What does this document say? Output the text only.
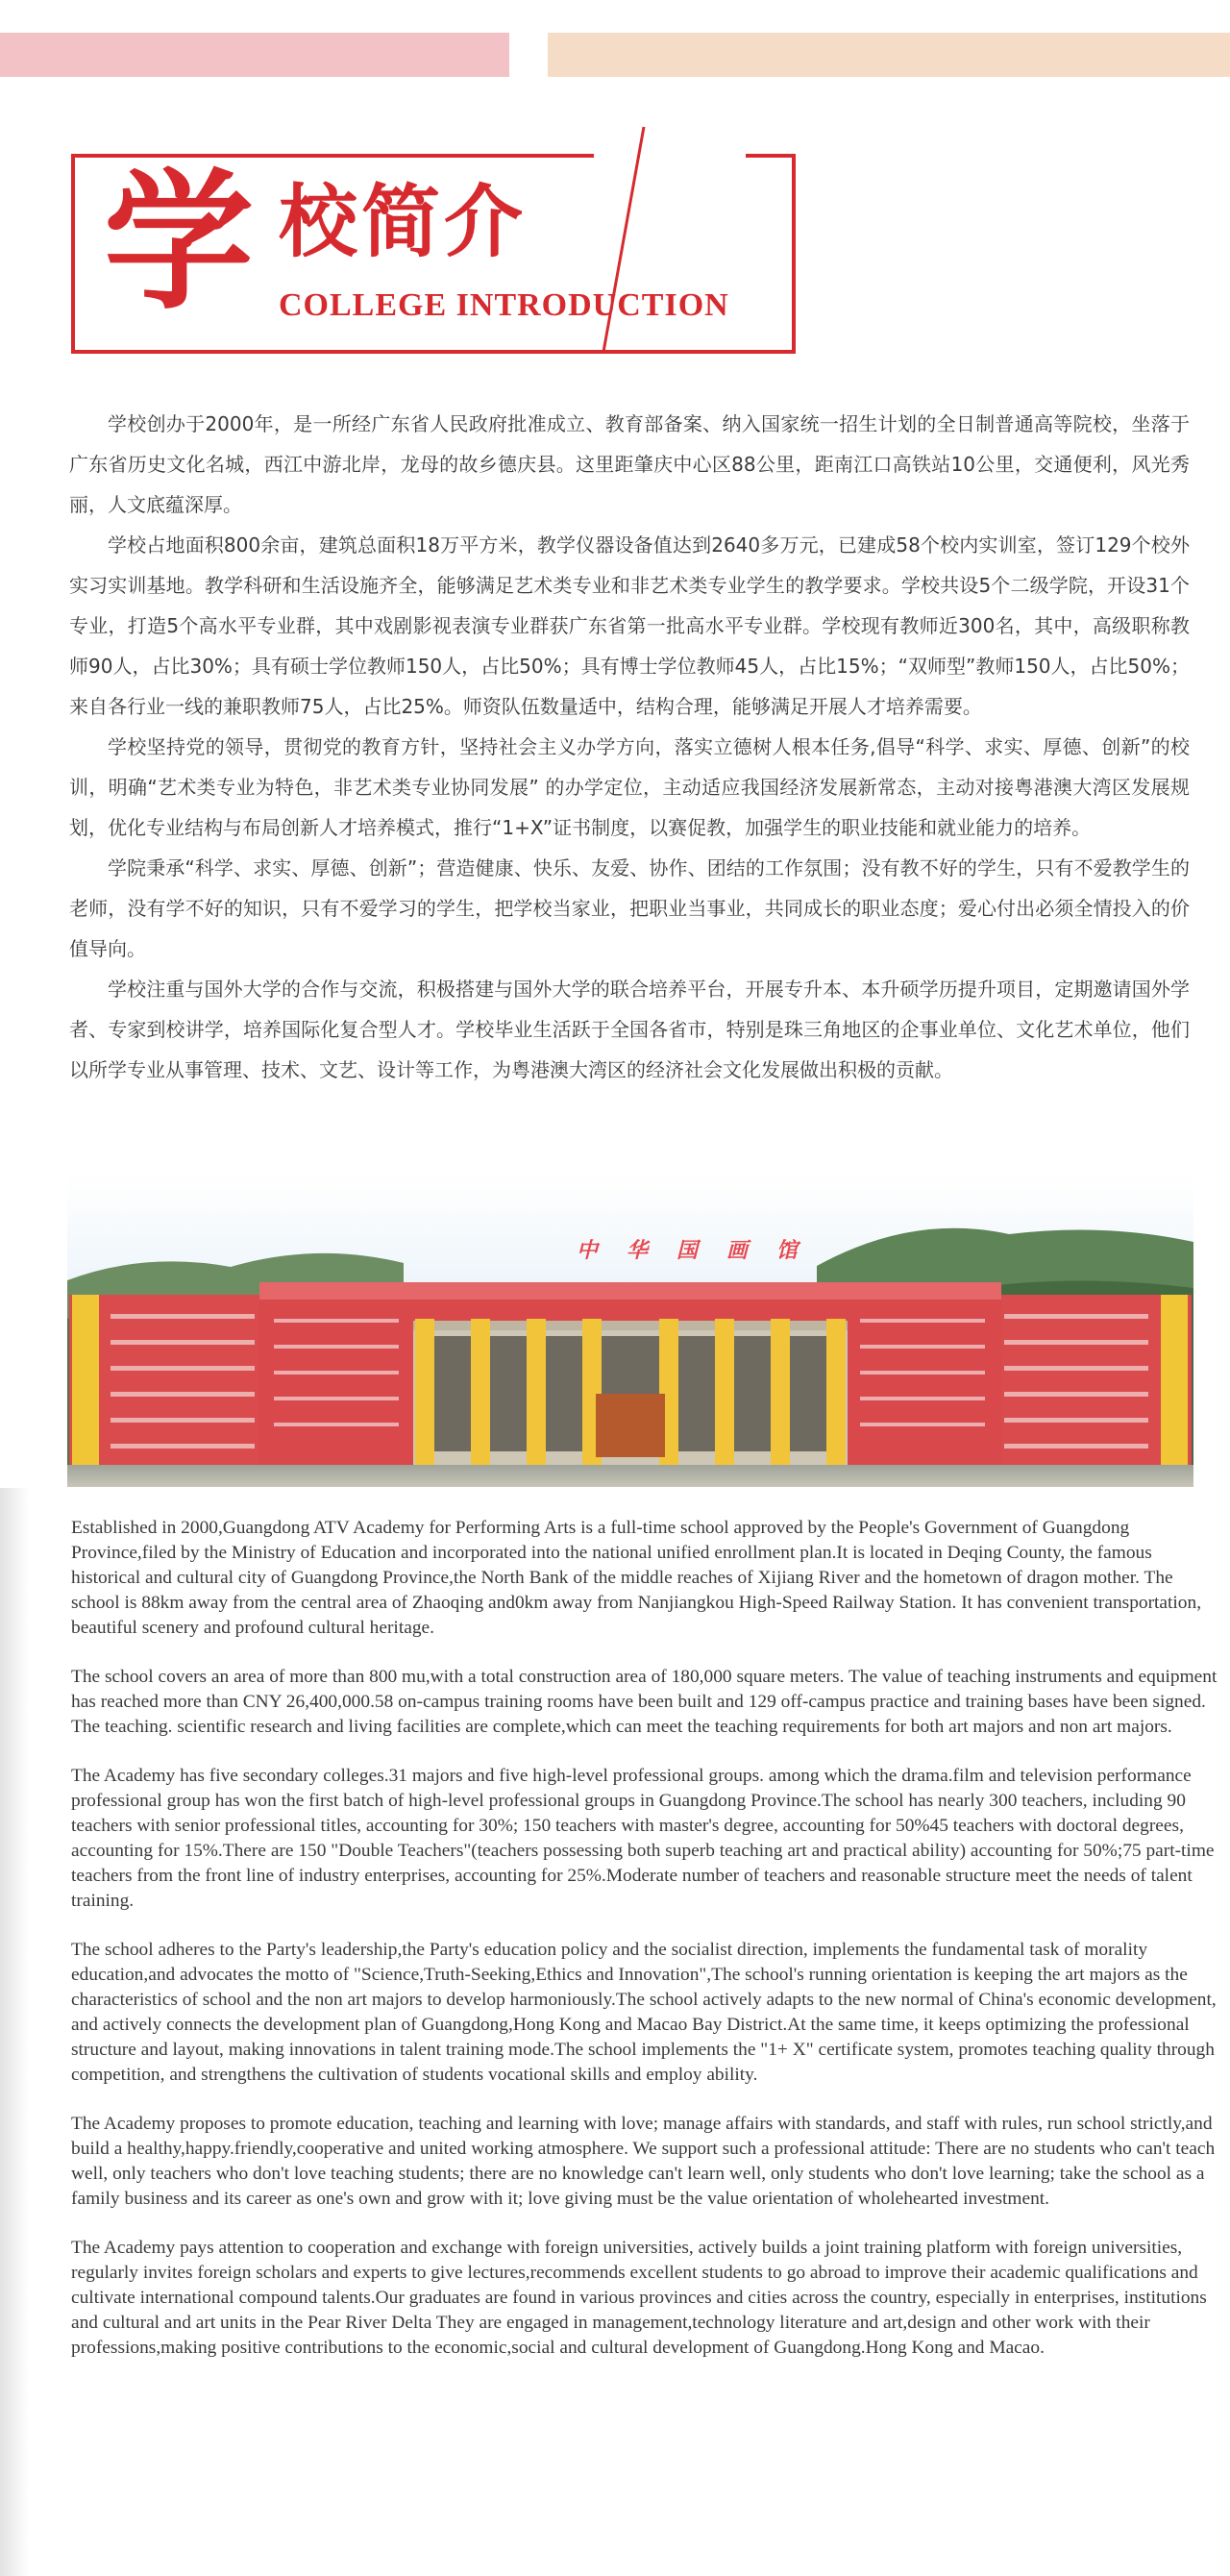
学 校简介
COLLEGE INTRODUCTION

学校创办于2000年，是一所经广东省人民政府批准成立、教育部备案、纳入国家统一招生计划的全日制普通高等院校，坐落于广东省历史文化名城，西江中游北岸，龙母的故乡德庆县。这里距肇庆中心区88公里，距南江口高铁站10公里，交通便利，风光秀丽，人文底蕴深厚。

学校占地面积800余亩，建筑总面积18万平方米，教学仪器设备值达到2640多万元，已建成58个校内实训室，签订129个校外实习实训基地。教学科研和生活设施齐全，能够满足艺术类专业和非艺术类专业学生的教学要求。学校共设5个二级学院，开设31个专业，打造5个高水平专业群，其中戏剧影视表演专业群获广东省第一批高水平专业群。学校现有教师近300名，其中，高级职称教师90人，占比30%；具有硕士学位教师150人，占比50%；具有博士学位教师45人，占比15%；“双师型”教师150人，占比50%；来自各行业一线的兼职教师75人，占比25%。师资队伍数量适中，结构合理，能够满足开展人才培养需要。

学校坚持党的领导，贯彻党的教育方针，坚持社会主义办学方向，落实立德树人根本任务,倡导“科学、求实、厚德、创新”的校训，明确“艺术类专业为特色，非艺术类专业协同发展” 的办学定位，主动适应我国经济发展新常态，主动对接粤港澳大湾区发展规划，优化专业结构与布局创新人才培养模式，推行“1+X”证书制度，以赛促教，加强学生的职业技能和就业能力的培养。

学院秉承“科学、求实、厚德、创新”；营造健康、快乐、友爱、协作、团结的工作氛围；没有教不好的学生，只有不爱教学生的老师，没有学不好的知识，只有不爱学习的学生，把学校当家业，把职业当事业，共同成长的职业态度；爱心付出必须全情投入的价值导向。

学校注重与国外大学的合作与交流，积极搭建与国外大学的联合培养平台，开展专升本、本升硕学历提升项目，定期邀请国外学者、专家到校讲学，培养国际化复合型人才。学校毕业生活跃于全国各省市，特别是珠三角地区的企事业单位、文化艺术单位，他们以所学专业从事管理、技术、文艺、设计等工作，为粤港澳大湾区的经济社会文化发展做出积极的贡献。

中华国画馆

Established in 2000,Guangdong ATV Academy for Performing Arts is a full-time school approved by the People's Government of Guangdong Province,filed by the Ministry of Education and incorporated into the national unified enrollment plan.It is located in Deqing County, the famous historical and cultural city of Guangdong Province,the North Bank of the middle reaches of Xijiang River and the hometown of dragon mother. The school is 88km away from the central area of Zhaoqing and0km away from Nanjiangkou High-Speed Railway Station. It has convenient transportation, beautiful scenery and profound cultural heritage.

The school covers an area of more than 800 mu,with a total construction area of 180,000 square meters. The value of teaching instruments and equipment has reached more than CNY 26,400,000.58 on-campus training rooms have been built and 129 off-campus practice and training bases have been signed. The teaching. scientific research and living facilities are complete,which can meet the teaching requirements for both art majors and non art majors.

The Academy has five secondary colleges.31 majors and five high-level professional groups. among which the drama.film and television performance professional group has won the first batch of high-level professional groups in Guangdong Province.The school has nearly 300 teachers, including 90 teachers with senior professional titles, accounting for 30%; 150 teachers with master's degree, accounting for 50%45 teachers with doctoral degrees, accounting for 15%.There are 150 "Double Teachers"(teachers possessing both superb teaching art and practical ability) accounting for 50%;75 part-time teachers from the front line of industry enterprises, accounting for 25%.Moderate number of teachers and reasonable structure meet the needs of talent training.

The school adheres to the Party's leadership,the Party's education policy and the socialist direction, implements the fundamental task of morality education,and advocates the motto of "Science,Truth-Seeking,Ethics and Innovation",The school's running orientation is keeping the art majors as the characteristics of school and the non art majors to develop harmoniously.The school actively adapts to the new normal of China's economic development, and actively connects the development plan of Guangdong,Hong Kong and Macao Bay District.At the same time, it keeps optimizing the professional structure and layout, making innovations in talent training mode.The school implements the "1+ X" certificate system, promotes teaching quality through competition, and strengthens the cultivation of students vocational skills and employ ability.

The Academy proposes to promote education, teaching and learning with love; manage affairs with standards, and staff with rules, run school strictly,and build a healthy,happy.friendly,cooperative and united working atmosphere. We support such a professional attitude: There are no students who can't teach well, only teachers who don't love teaching students; there are no knowledge can't learn well, only students who don't love learning; take the school as a family business and its career as one's own and grow with it; love giving must be the value orientation of wholehearted investment.

The Academy pays attention to cooperation and exchange with foreign universities, actively builds a joint training platform with foreign universities, regularly invites foreign scholars and experts to give lectures,recommends excellent students to go abroad to improve their academic qualifications and cultivate international compound talents.Our graduates are found in various provinces and cities across the country, especially in enterprises, institutions and cultural and art units in the Pear River Delta They are engaged in management,technology literature and art,design and other work with their professions,making positive contributions to the economic,social and cultural development of Guangdong.Hong Kong and Macao.
